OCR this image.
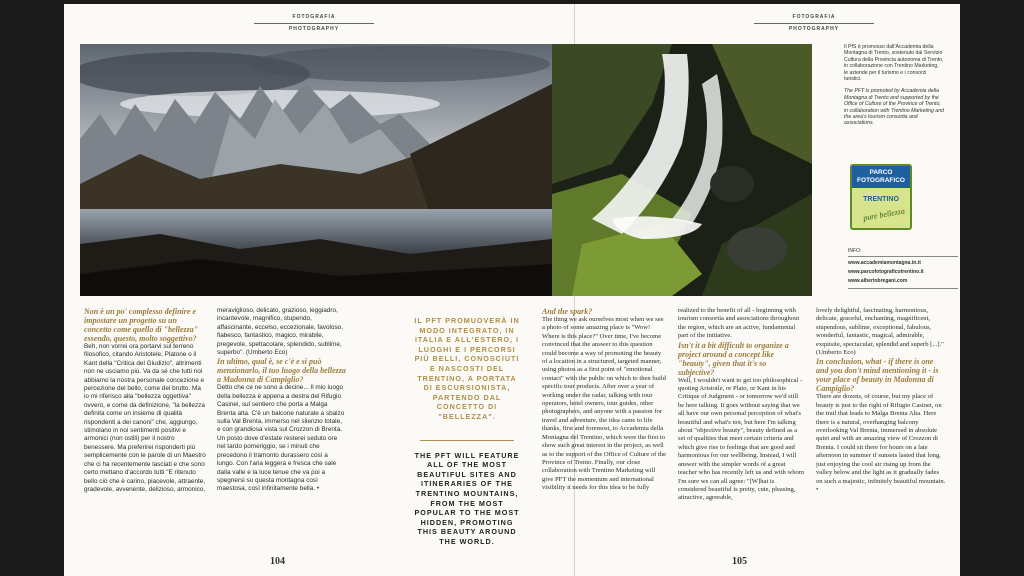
FOTOGRAFIA
PHOTOGRAPHY
FOTOGRAFIA
PHOTOGRAPHY
Il PfS è promosso dall'Accademia della Montagna di Trento, sostenuto dal Servizio Cultura della Provincia autonoma di Trento, in collaborazione con Trentino Marketing, le aziende per il turismo e i consorzi turistici.
The PFT is promoted by Accademia della Montagna di Trento and supported by the Office of Culture of the Province of Trento, in collaboration with Trentino Marketing and the area's tourism consortia and associations.
PARCO FOTOGRAFICO
TRENTINO
pure bellezza
INFO:
www.accademiamontagna.tn.it
www.parcofotograficotrentino.it
www.albertobregani.com
Non è un po' complesso definire e impostare un progetto su un concetto come quello di "bellezza" essendo, questo, molto soggettivo?
Beh, non vorrei ora portarvi sul terreno filosofico, citando Aristotele, Platone o il Kant della "Critica del Giudizio", altrimenti non ne usciamo più. Va da sé che tutti noi abbiamo la nostra personale concezione e percezione del bello, come del brutto. Ma io mi riferisco alla "bellezza oggettiva" ovvero, e come da definizione, "la bellezza definita come un insieme di qualità rispondenti a dei canoni" che, aggiungo, stimolano in noi sentimenti positivi e armonici (non ostili) per il nostro benessere. Ma preferirei risponderti più semplicemente con le parole di un Maestro che ci ha recentemente lasciati e che sono certo mettano d'accordo tutti "E ritenuto bello ciò che è carino, piacevole, attraente, gradevole, avvenente, delizioso, armonico,
meraviglioso, delicato, grazioso, leggiadro, incantevole, magnifico, stupendo, affascinante, eccelso, eccezionale, favoloso, fiabesco, fantastico, magico, mirabile, pregevole, spettacolare, splendido, sublime, superbo". (Umberto Eco)
In ultimo, qual è, se c'è e si può menzionarlo, il tuo luogo della bellezza a Madonna di Campiglio?
Detto che ce ne sono a decine... Il mio luogo della bellezza è appena a destra del Rifugio Casinei, sul sentiero che porta a Malga Brenta alta. C'è un balcone naturale a sbalzo sulla Val Brenta, immerso nel silenzio totale, e con grandiosa vista sul Crozzon di Brenta. Un posto dove d'estate resterei seduto ore nel tardo pomeriggio, se i minuti che precedono il tramonto durassero così a lungo. Con l'aria leggera e fresca che sale dalla valle e la luce tenue che va poi a spegnersi su questa montagna così maestosa, così infinitamente bella. •
IL PFT PROMUOVERÀ IN MODO INTEGRATO, IN ITALIA E ALL'ESTERO, I LUOGHI E I PERCORSI PIÙ BELLI, CONOSCIUTI E NASCOSTI DEL TRENTINO, A PORTATA DI ESCURSIONISTA, PARTENDO DAL CONCETTO DI "BELLEZZA".
THE PFT WILL FEATURE ALL OF THE MOST BEAUTIFUL SITES AND ITINERARIES OF THE TRENTINO MOUNTAINS, FROM THE MOST POPULAR TO THE MOST HIDDEN, PROMOTING THIS BEAUTY AROUND THE WORLD.
And the spark?
The thing we ask ourselves most when we see a photo of some amazing place is "Wow! Where is this place?" Over time, I've become convinced that the answer to this question could become a way of promoting the beauty of a location in a structured, targeted manner, using photos as a first point of "emotional contact" with the public on which to then build specific tour products. After over a year of working under the radar, talking with tour operators, hotel owners, tour guides, other photographers, and anyone with a passion for travel and adventure, the idea came to life thanks, first and foremost, to Accademia della Montagna del Trentino, which were the first to show such great interest in the project, as well as to the support of the Office of Culture of the Province of Trento. Finally, our close collaboration with Trentino Marketing will give PFT the momentum and international visibility it needs for this idea to be fully
realized to the benefit of all - beginning with tourism consortia and associations throughout the region, which are an active, fundamental part of the initiative.
Isn't it a bit difficult to organize a project around a concept like "beauty", given that it's so subjective?
Well, I wouldn't want to get too philosophical - quoting Aristotle, or Plato, or Kant in his Critique of Judgment - or tomorrow we'd still be here talking. It goes without saying that we all have our own personal perception of what's beautiful and what's not, but here I'm talking about "objective beauty", beauty defined as a set of qualities that meet certain criteria and which give rise to feelings that are good and harmonious for our wellbeing. Instead, I will answer with the simpler words of a great teacher who has recently left us and with whom I'm sure we can all agree: "[W]hat is considered beautiful is pretty, cute, pleasing, attractive, agreeable,
lovely delightful, fascinating, harmonious, delicate, graceful, enchanting, magnificent, stupendous, sublime, exceptional, fabulous, wonderful, fantastic, magical, admirable, exquisite, spectacular, splendid and superb [...]." (Umberto Eco)
In conclusion, what - if there is one and you don't mind mentioning it - is your place of beauty in Madonna di Campiglio?
There are dozens, of course, but my place of beauty is just to the right of Rifugio Casinei, on the trail that leads to Malga Brenta Alta. Here there is a natural, overhanging balcony overlooking Val Brenta, immersed in absolute quiet and with an amazing view of Crozzon di Brenta. I could sit there for hours on a late afternoon in summer if sunsets lasted that long, just enjoying the cool air rising up from the valley below and the light as it gradually fades on such a majestic, infinitely beautiful mountain. •
104	105
